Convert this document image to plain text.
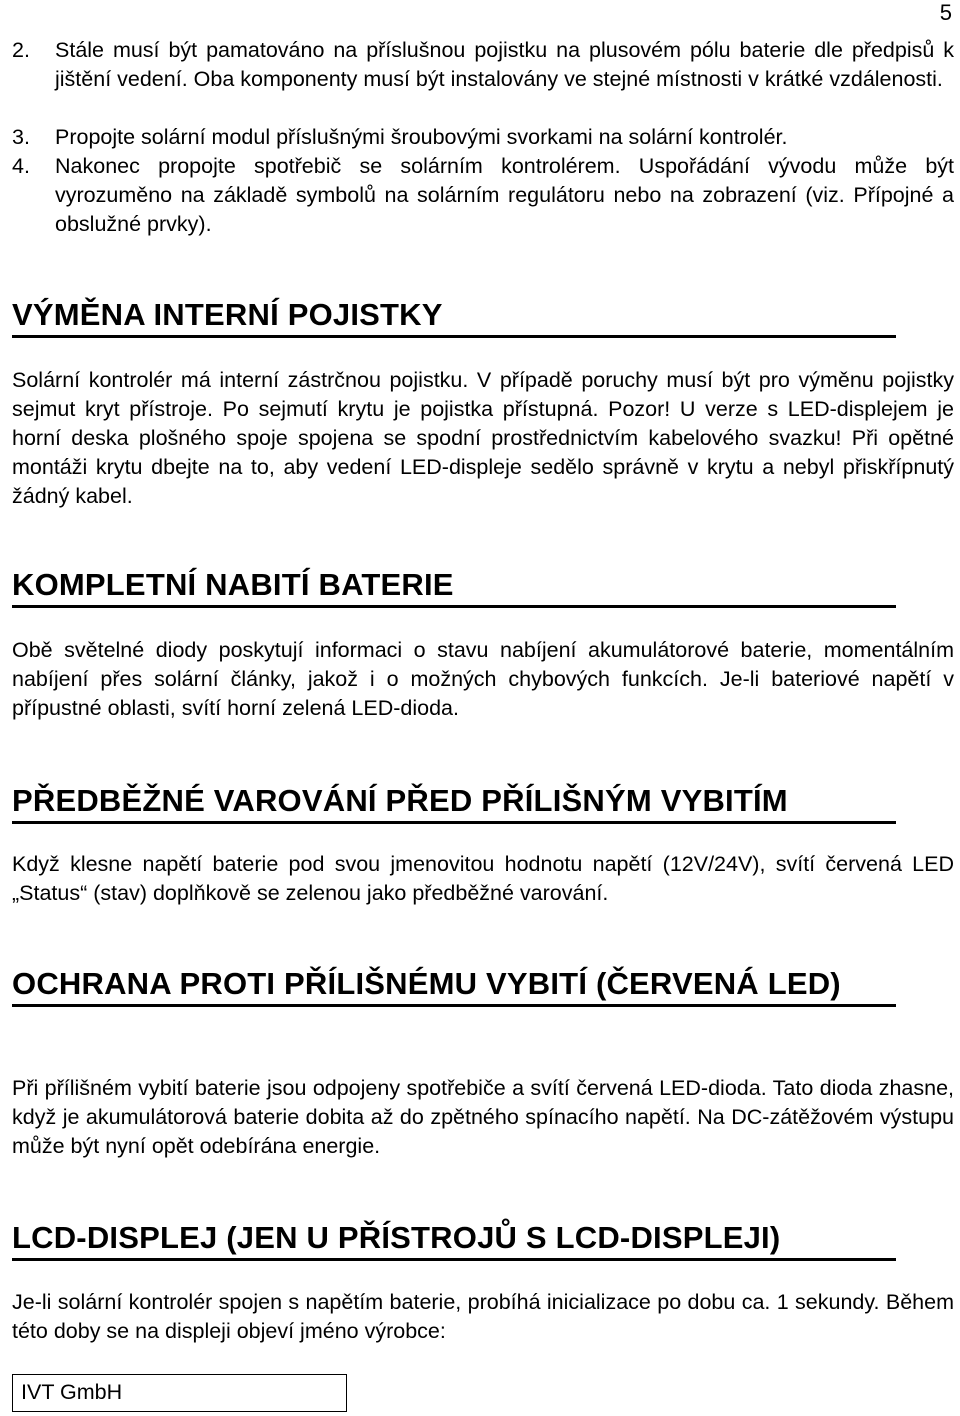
5
2.	Stále musí být pamatováno na příslušnou pojistku na plusovém pólu baterie dle předpisů k jištění vedení. Oba komponenty musí být instalovány ve stejné místnosti v krátké vzdálenosti.
3.	Propojte solární modul příslušnými šroubovými svorkami na solární kontrolér.
4.	Nakonec propojte spotřebič se solárním kontrolérem. Uspořádání vývodu může být vyrozuměno na základě symbolů na solárním regulátoru nebo na zobrazení (viz. Přípojné a obslužné prvky).
VÝMĚNA INTERNÍ POJISTKY
Solární kontrolér má interní zástrčnou pojistku. V případě poruchy musí být pro výměnu pojistky sejmut kryt přístroje. Po sejmutí krytu je pojistka přístupná. Pozor! U verze s LED-displejem je horní deska plošného spoje spojena se spodní prostřednictvím kabelového svazku! Při opětné montáži krytu dbejte na to, aby vedení LED-displeje sedělo správně v krytu a nebyl přiskřípnutý žádný kabel.
KOMPLETNÍ NABITÍ BATERIE
Obě světelné diody poskytují informaci o stavu nabíjení akumulátorové baterie, momentálním nabíjení přes solární články, jakož i o možných chybových funkcích. Je-li bateriové napětí v přípustné oblasti, svítí horní zelená LED-dioda.
PŘEDBĚŽNÉ VAROVÁNÍ PŘED PŘÍLIŠNÝM VYBITÍM
Když klesne napětí baterie pod svou jmenovitou hodnotu napětí (12V/24V), svítí červená LED „Status“ (stav) doplňkově se zelenou jako předběžné varování.
OCHRANA PROTI PŘÍLIŠNÉMU VYBITÍ (ČERVENÁ LED)
Při přílišném vybití baterie jsou odpojeny spotřebiče a svítí červená LED-dioda. Tato dioda zhasne, když je akumulátorová baterie dobita až do zpětného spínacího napětí. Na DC-zátěžovém výstupu může být nyní opět odebírána energie.
LCD-DISPLEJ (JEN U PŘÍSTROJŮ S LCD-DISPLEJI)
Je-li solární kontrolér spojen s napětím baterie, probíhá inicializace po dobu ca. 1 sekundy. Během této doby se na displeji objeví jméno výrobce:
IVT GmbH
